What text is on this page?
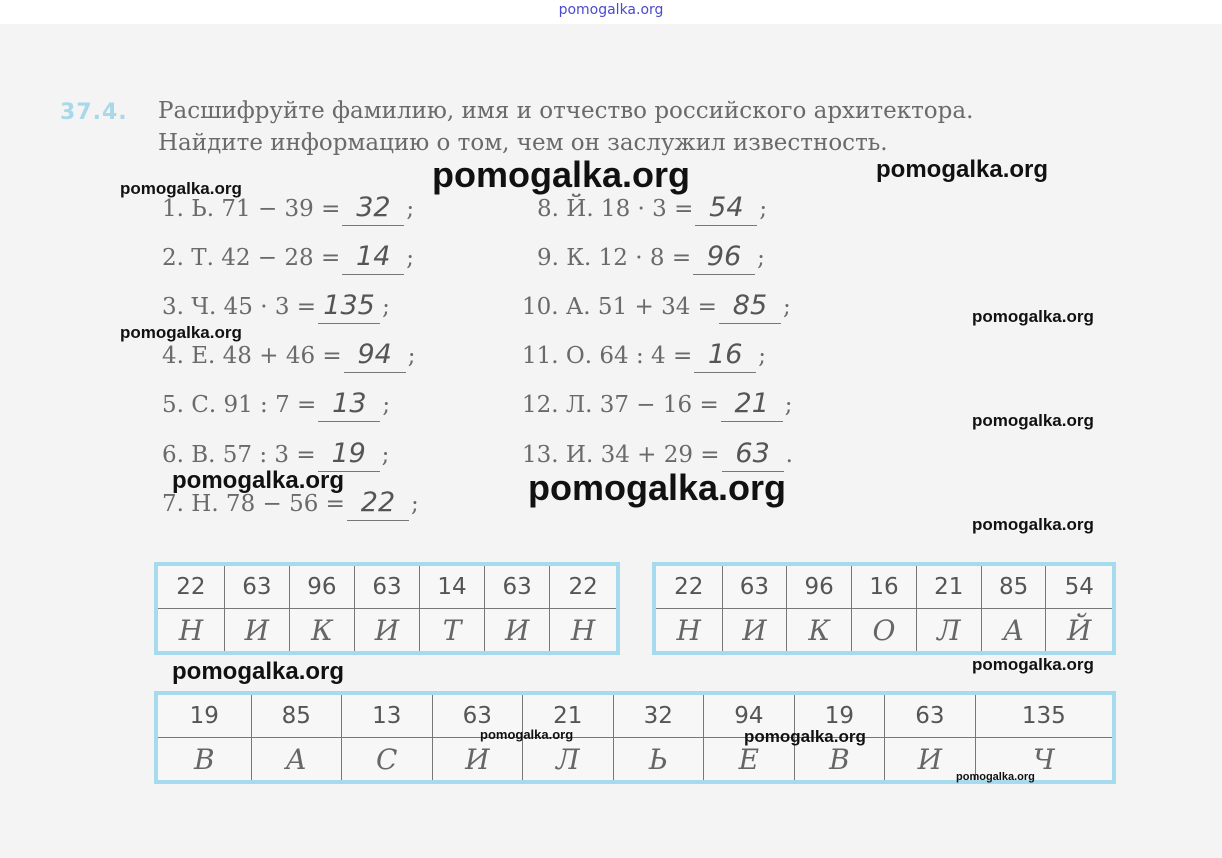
pomogalka.org
37.4. Расшифруйте фамилию, имя и отчество российского архитектора.
Найдите информацию о том, чем он заслужил известность.
1. Ь. 71 − 39 = 32 ;
2. Т. 42 − 28 = 14 ;
3. Ч. 45 · 3 = 135 ;
4. Е. 48 + 46 = 94 ;
5. С. 91 : 7 = 13 ;
6. В. 57 : 3 = 19 ;
7. Н. 78 − 56 = 22 ;
8. Й. 18 · 3 = 54 ;
9. К. 12 · 8 = 96 ;
10. А. 51 + 34 = 85 ;
11. О. 64 : 4 = 16 ;
12. Л. 37 − 16 = 21 ;
13. И. 34 + 29 = 63 .
22	63	96	63	14	63	22
Н	И	К	И	Т	И	Н
22	63	96	16	21	85	54
Н	И	К	О	Л	А	Й
19	85	13	63	21	32	94	19	63	135
В	А	С	И	Л	Ь	Е	В	И	Ч
pomogalka.org	pomogalka.org
pomogalka.org
pomogalka.org
pomogalka.org
pomogalka.org
pomogalka.org	pomogalka.org
pomogalka.org
pomogalka.org
pomogalka.org
pomogalka.org	pomogalka.org
pomogalka.org
